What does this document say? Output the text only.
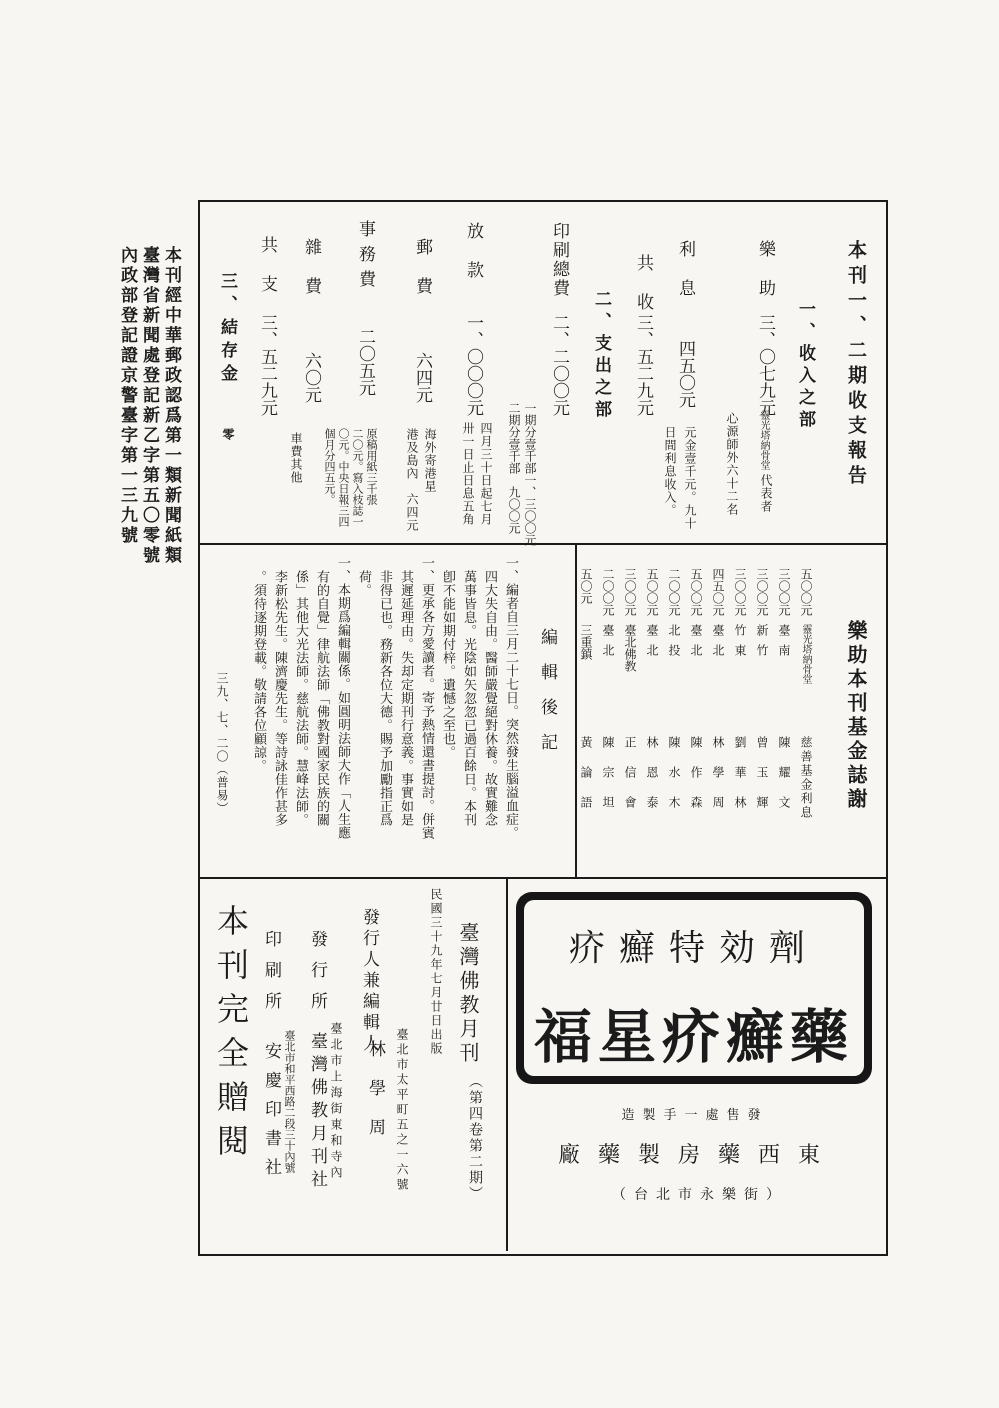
內政部登記證京警臺字第一三九號 臺灣省新聞處登記新乙字第五〇零號 本刊經中華郵政認爲第一類新聞紙類	本刊一、二期收支報告
一、收入之部
樂助
三、〇七九元
靈光塔納骨堂
代表者
心源師外六十二名
利息
四五〇元
元金壹千元。九十
日間利息收入。
共收
三、五二九元
二、支出之部
印刷總費
二、二〇〇元
一期分壹千部一、三〇〇元
二期分壹千部　九〇〇元
放款
一、〇〇〇元
四月三十日起七月
卅一日止日息五角
郵費
六四元
海外寄港星
港及島內　六四元
事務費
二〇五元
原稿用紙三千張
二〇元。寫入枝誌一
〇元。中央日報三四
個月分四五元。
雜費
六〇元
車費其他
共支
三、五二九元
三、結存金
零
樂助本刊基金誌謝
五〇〇元
靈光塔納骨堂
慈善基金利息
三〇〇元
臺南
陳耀文
三〇〇元
新竹
曾玉輝
三〇〇元
竹東
劉華林
四五〇元
臺北
林學周
五〇〇元
臺北
陳作森
二〇〇元
北投
陳水木
五〇〇元
臺北
林恩泰
三〇〇元
臺北佛教
正信會
二〇〇元
臺北
陳宗坦
五〇元
三重鎮
黃論語
編輯後記
一、編者自三月二十七日。突然發生腦溢血症。
四大失自由。醫師嚴覺絕對休養。故實難念
萬事皆息。光陰如矢忽忽已過百餘日。本刊
卽不能如期付梓。遺憾之至也。
一、更承各方愛讀者。寄予熱情還書提討。併賓
其遲延理由。失却定期刊行意義。事實如是
非得已也。務新各位大德。賜予加勵指正爲
荷。
一、本期爲編輯關係。如圓明法師大作「人生應
有的自覺」律航法師「佛教對國家民族的關
係」其他大光法師。慈航法師。慧峰法師。
李新松先生。陳濟慶先生。等詩詠佳作甚多
。須待逐期登載。敬請各位顧諒。
三九、七、二〇（普易）
本刊完全贈閱 印刷所
安慶印書社 臺北市和平西路二段三十內號
發行所
臺灣佛教月刊社 臺北市上海街東和寺內
發行人兼編輯人
林學周 臺北市太平町五之一六號
民國三十九年七月廿日出版 臺灣佛教月刊
（第四卷第二期）
劑効特癬疥
藥癬疥星福
發售處一手製造
東西藥房製藥廠
（台北市永樂街）
